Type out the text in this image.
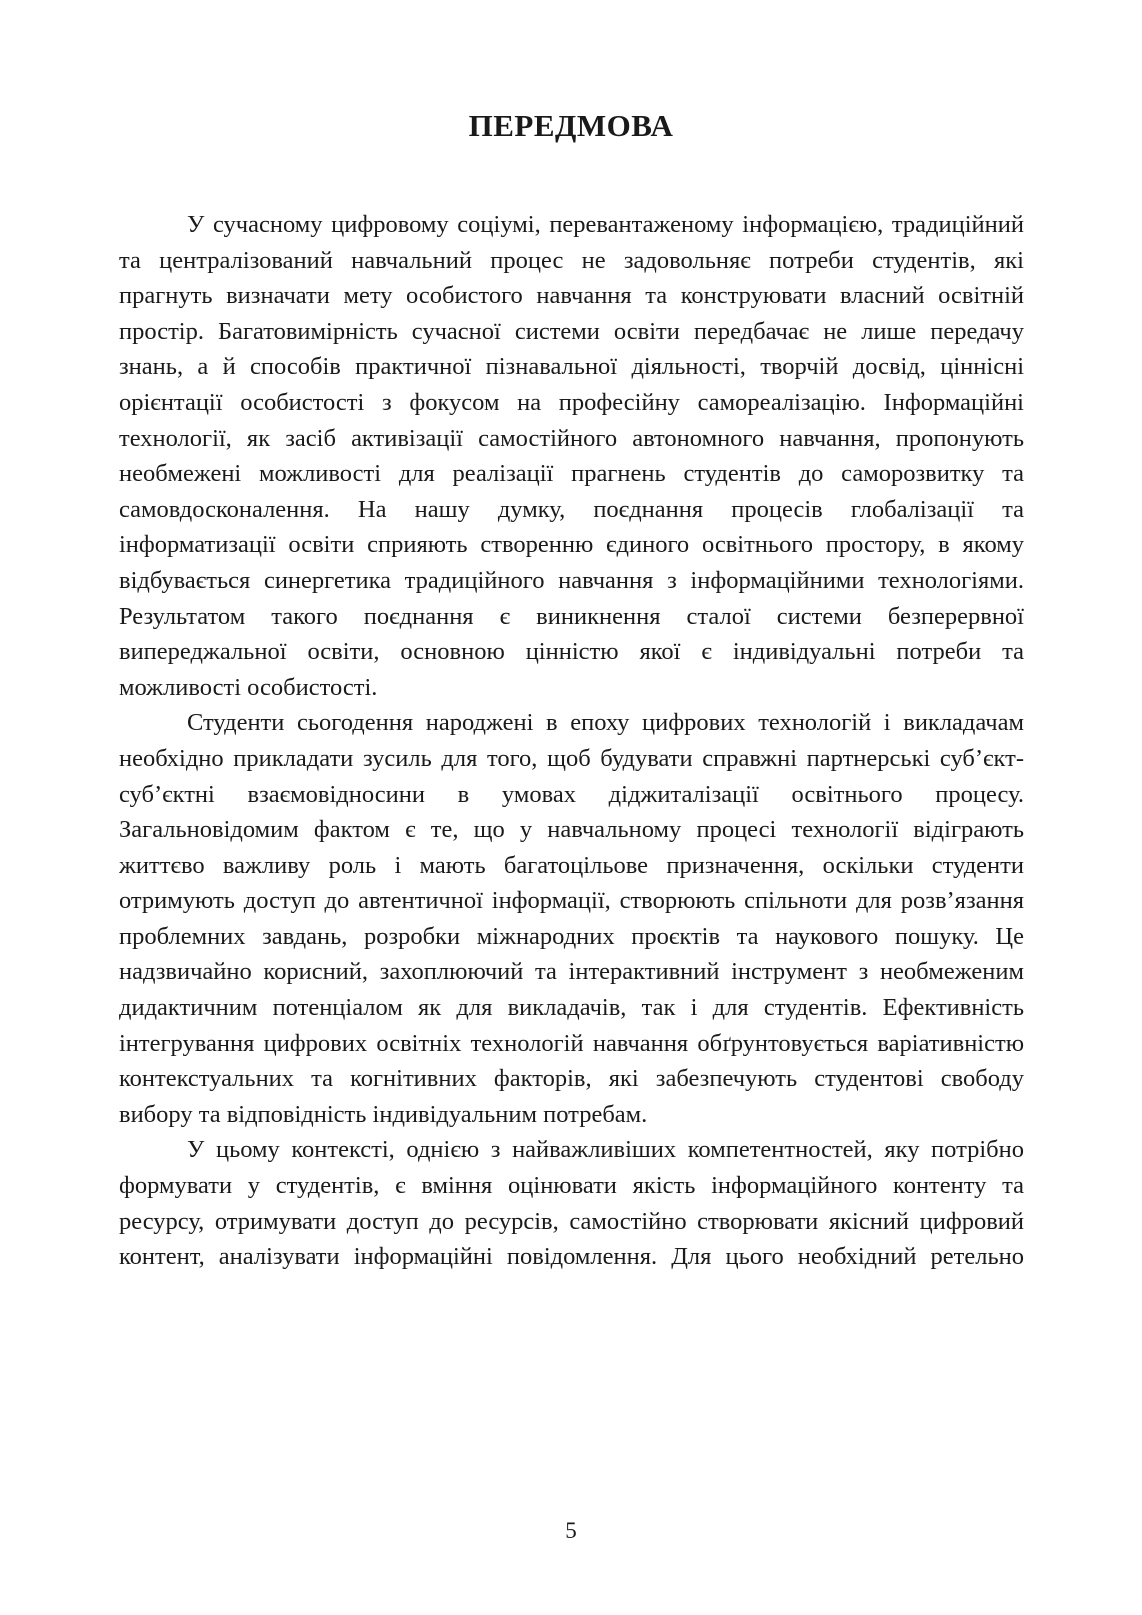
ПЕРЕДМОВА

У сучасному цифровому соціумі, перевантаженому інформацією, традиційний та централізований навчальний процес не задовольняє потреби студентів, які прагнуть визначати мету особистого навчання та конструювати власний освітній простір. Багатовимірність сучасної системи освіти передбачає не лише передачу знань, а й способів практичної пізнавальної діяльності, творчій досвід, ціннісні орієнтації особистості з фокусом на професійну самореалізацію. Інформаційні технології, як засіб активізації самостійного автономного навчання, пропонують необмежені можливості для реалізації прагнень студентів до саморозвитку та самовдосконалення. На нашу думку, поєднання процесів глобалізації та інформатизації освіти сприяють створенню єдиного освітнього простору, в якому відбувається синергетика традиційного навчання з інформаційними технологіями. Результатом такого поєднання є виникнення сталої системи безперервної випереджальної освіти, основною цінністю якої є індивідуальні потреби та можливості особистості.

Студенти сьогодення народжені в епоху цифрових технологій і викладачам необхідно прикладати зусиль для того, щоб будувати справжні партнерські суб’єкт-суб’єктні взаємовідносини в умовах діджиталізації освітнього процесу. Загальновідомим фактом є те, що у навчальному процесі технології відіграють життєво важливу роль і мають багатоцільове призначення, оскільки студенти отримують доступ до автентичної інформації, створюють спільноти для розв’язання проблемних завдань, розробки міжнародних проєктів та наукового пошуку. Це надзвичайно корисний, захоплюючий та інтерактивний інструмент з необмеженим дидактичним потенціалом як для викладачів, так і для студентів. Ефективність інтегрування цифрових освітніх технологій навчання обґрунтовується варіативністю контекстуальних та когнітивних факторів, які забезпечують студентові свободу вибору та відповідність індивідуальним потребам.

У цьому контексті, однією з найважливіших компетентностей, яку потрібно формувати у студентів, є вміння оцінювати якість інформаційного контенту та ресурсу, отримувати доступ до ресурсів, самостійно створювати якісний цифровий контент, аналізувати інформаційні повідомлення. Для цього необхідний ретельно

5
